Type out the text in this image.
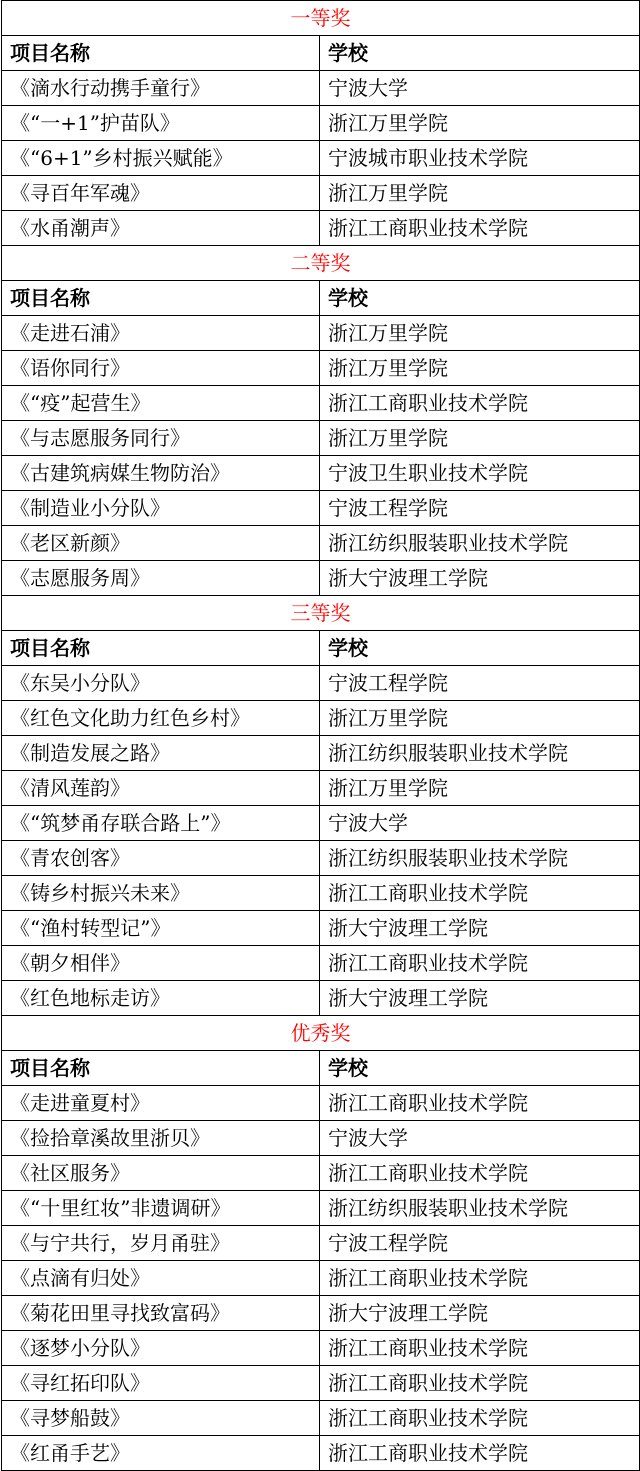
一等奖	
项目名称	学校
《滴水行动携手童行》	宁波大学
《“一+1”护苗队》	浙江万里学院
《“6+1”乡村振兴赋能》	宁波城市职业技术学院
《寻百年军魂》	浙江万里学院
《水甬潮声》	浙江工商职业技术学院
二等奖	
项目名称	学校
《走进石浦》	浙江万里学院
《语你同行》	浙江万里学院
《“疫”起营生》	浙江工商职业技术学院
《与志愿服务同行》	浙江万里学院
《古建筑病媒生物防治》	宁波卫生职业技术学院
《制造业小分队》	宁波工程学院
《老区新颜》	浙江纺织服装职业技术学院
《志愿服务周》	浙大宁波理工学院
三等奖	
项目名称	学校
《东吴小分队》	宁波工程学院
《红色文化助力红色乡村》	浙江万里学院
《制造发展之路》	浙江纺织服装职业技术学院
《清风莲韵》	浙江万里学院
《“筑梦甬存联合路上”》	宁波大学
《青农创客》	浙江纺织服装职业技术学院
《铸乡村振兴未来》	浙江工商职业技术学院
《“渔村转型记”》	浙大宁波理工学院
《朝夕相伴》	浙江工商职业技术学院
《红色地标走访》	浙大宁波理工学院
优秀奖	
项目名称	学校
《走进童夏村》	浙江工商职业技术学院
《捡拾章溪故里浙贝》	宁波大学
《社区服务》	浙江工商职业技术学院
《“十里红妆”非遗调研》	浙江纺织服装职业技术学院
《与宁共行，岁月甬驻》	宁波工程学院
《点滴有归处》	浙江工商职业技术学院
《菊花田里寻找致富码》	浙大宁波理工学院
《逐梦小分队》	浙江工商职业技术学院
《寻红拓印队》	浙江工商职业技术学院
《寻梦船鼓》	浙江工商职业技术学院
《红甬手艺》	浙江工商职业技术学院
